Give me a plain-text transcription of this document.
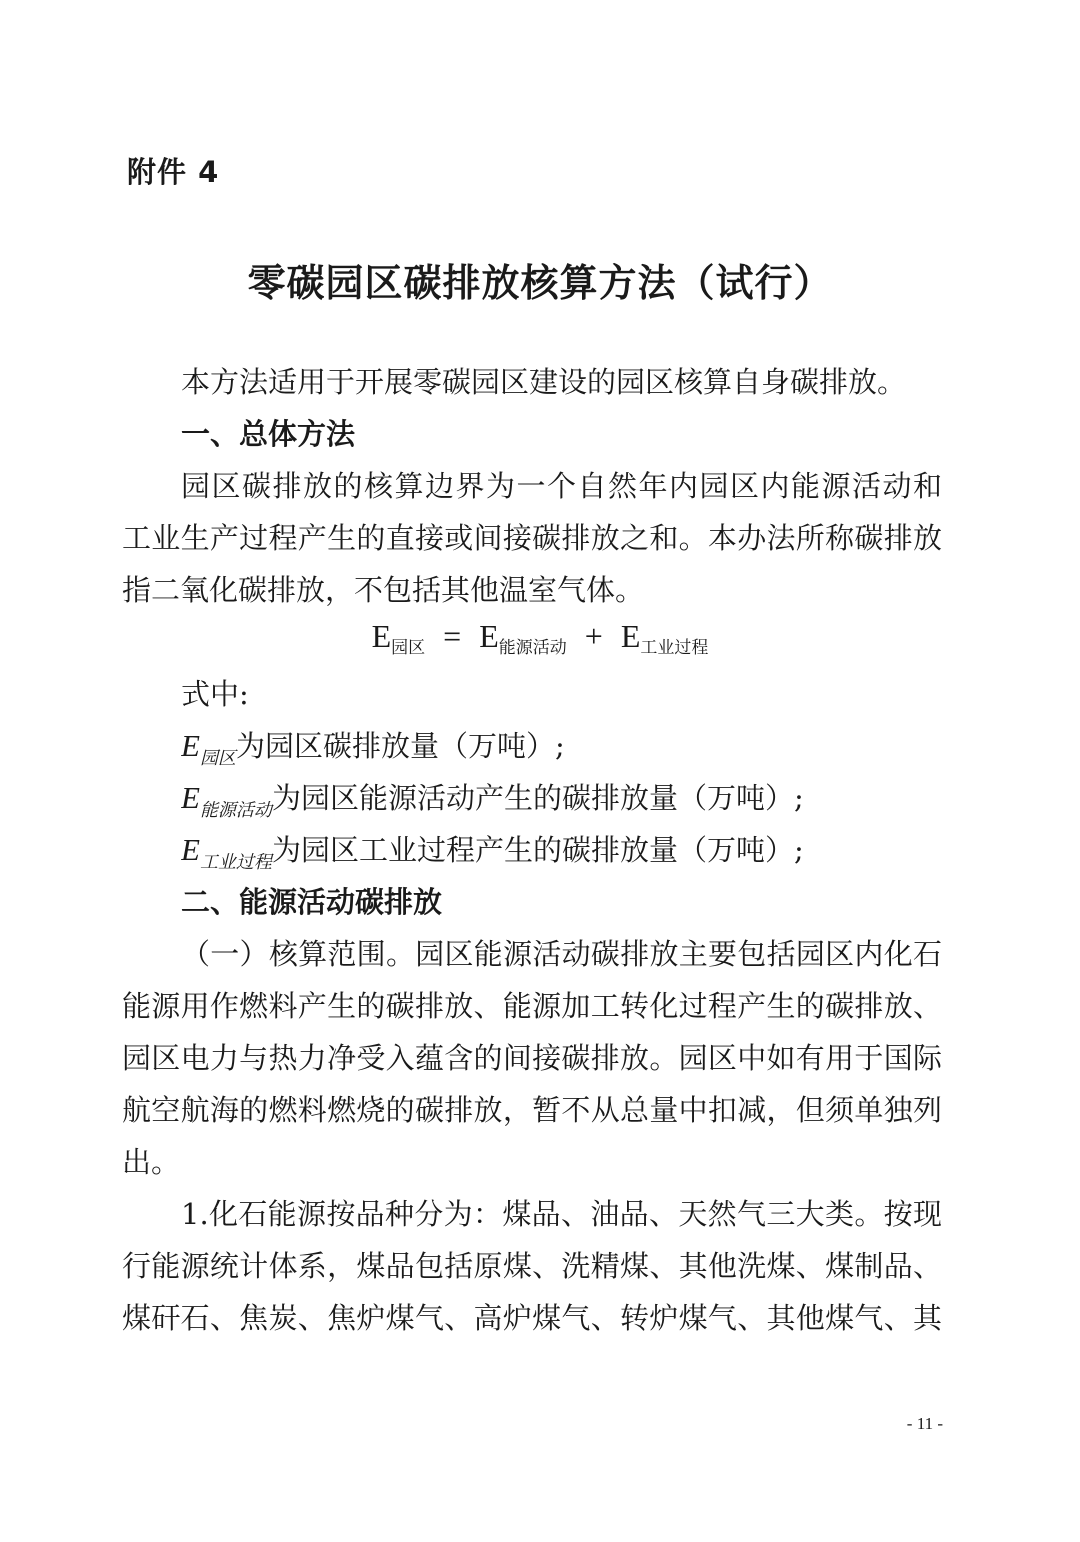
附件 4
零碳园区碳排放核算方法（试行）
本方法适用于开展零碳园区建设的园区核算自身碳排放。
一、总体方法
园区碳排放的核算边界为一个自然年内园区内能源活动和
工业生产过程产生的直接或间接碳排放之和。本办法所称碳排放
指二氧化碳排放，不包括其他温室气体。
$E_{园区} = E_{能源活动} + E_{工业过程}$
式中:
$E_{园区}$为园区碳排放量（万吨）;
$E_{能源活动}$为园区能源活动产生的碳排放量（万吨）;
$E_{工业过程}$为园区工业过程产生的碳排放量（万吨）;
二、能源活动碳排放
（一）核算范围。园区能源活动碳排放主要包括园区内化石
能源用作燃料产生的碳排放、能源加工转化过程产生的碳排放、
园区电力与热力净受入蕴含的间接碳排放。园区中如有用于国际
航空航海的燃料燃烧的碳排放，暂不从总量中扣减，但须单独列
出。
1.化石能源按品种分为：煤品、油品、天然气三大类。按现
行能源统计体系，煤品包括原煤、洗精煤、其他洗煤、煤制品、
煤矸石、焦炭、焦炉煤气、高炉煤气、转炉煤气、其他煤气、其
- 11 -
